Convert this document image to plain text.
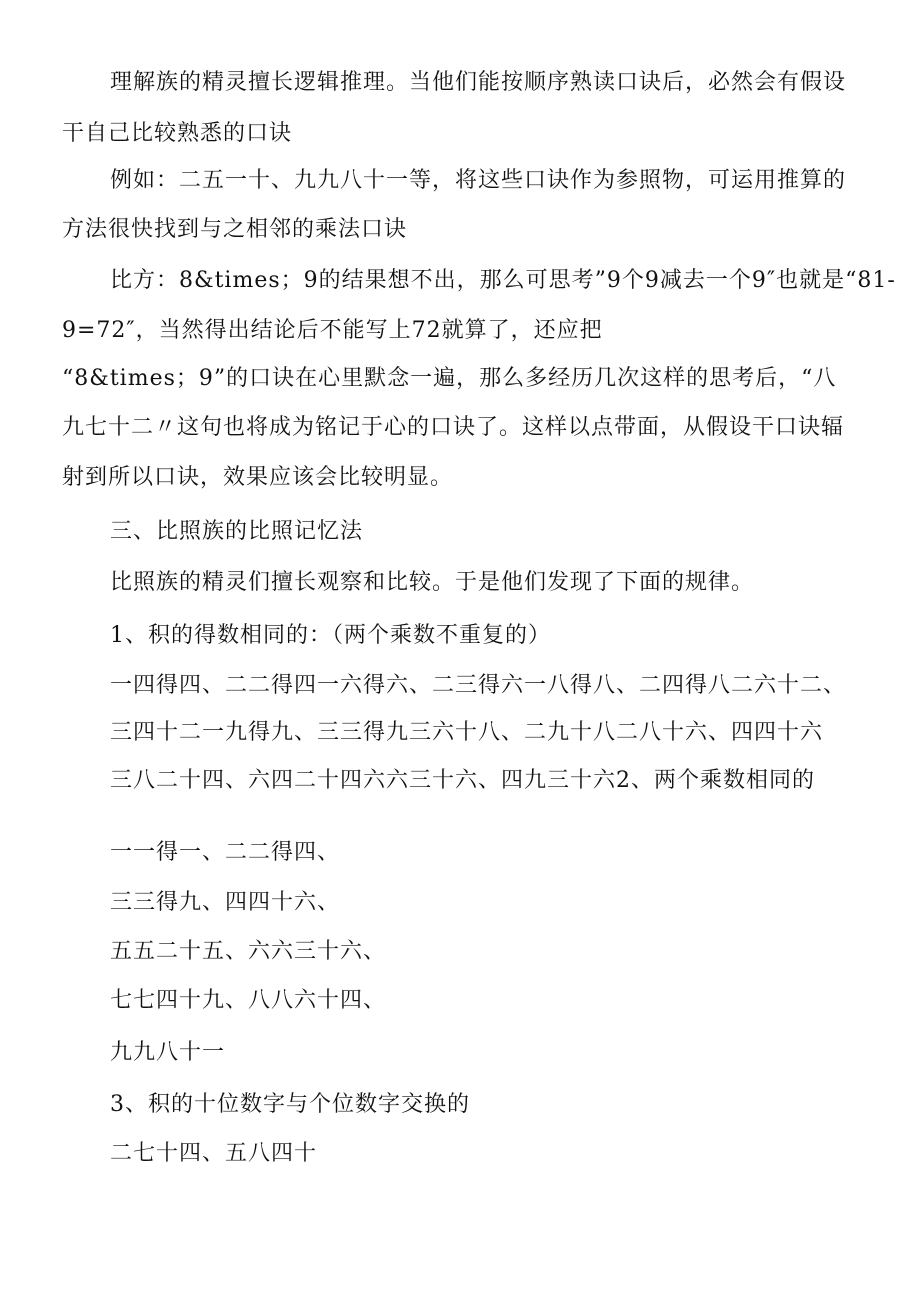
理解族的精灵擅长逻辑推理。当他们能按顺序熟读口诀后，必然会有假设
干自己比较熟悉的口诀
例如：二五一十、九九八十一等，将这些口诀作为参照物，可运用推算的
方法很快找到与之相邻的乘法口诀
比方：8&times；9的结果想不出，那么可思考”9个9减去一个9″也就是“81-
9=72″，当然得出结论后不能写上72就算了，还应把
“8&times；9”的口诀在心里默念一遍，那么多经历几次这样的思考后，“八
九七十二〃这句也将成为铭记于心的口诀了。这样以点带面，从假设干口诀辐
射到所以口诀，效果应该会比较明显。
三、比照族的比照记忆法
比照族的精灵们擅长观察和比较。于是他们发现了下面的规律。
1、积的得数相同的：（两个乘数不重复的）
一四得四、二二得四一六得六、二三得六一八得八、二四得八二六十二、
三四十二一九得九、三三得九三六十八、二九十八二八十六、四四十六
三八二十四、六四二十四六六三十六、四九三十六2、两个乘数相同的
一一得一、二二得四、
三三得九、四四十六、
五五二十五、六六三十六、
七七四十九、八八六十四、
九九八十一
3、积的十位数字与个位数字交换的
二七十四、五八四十
